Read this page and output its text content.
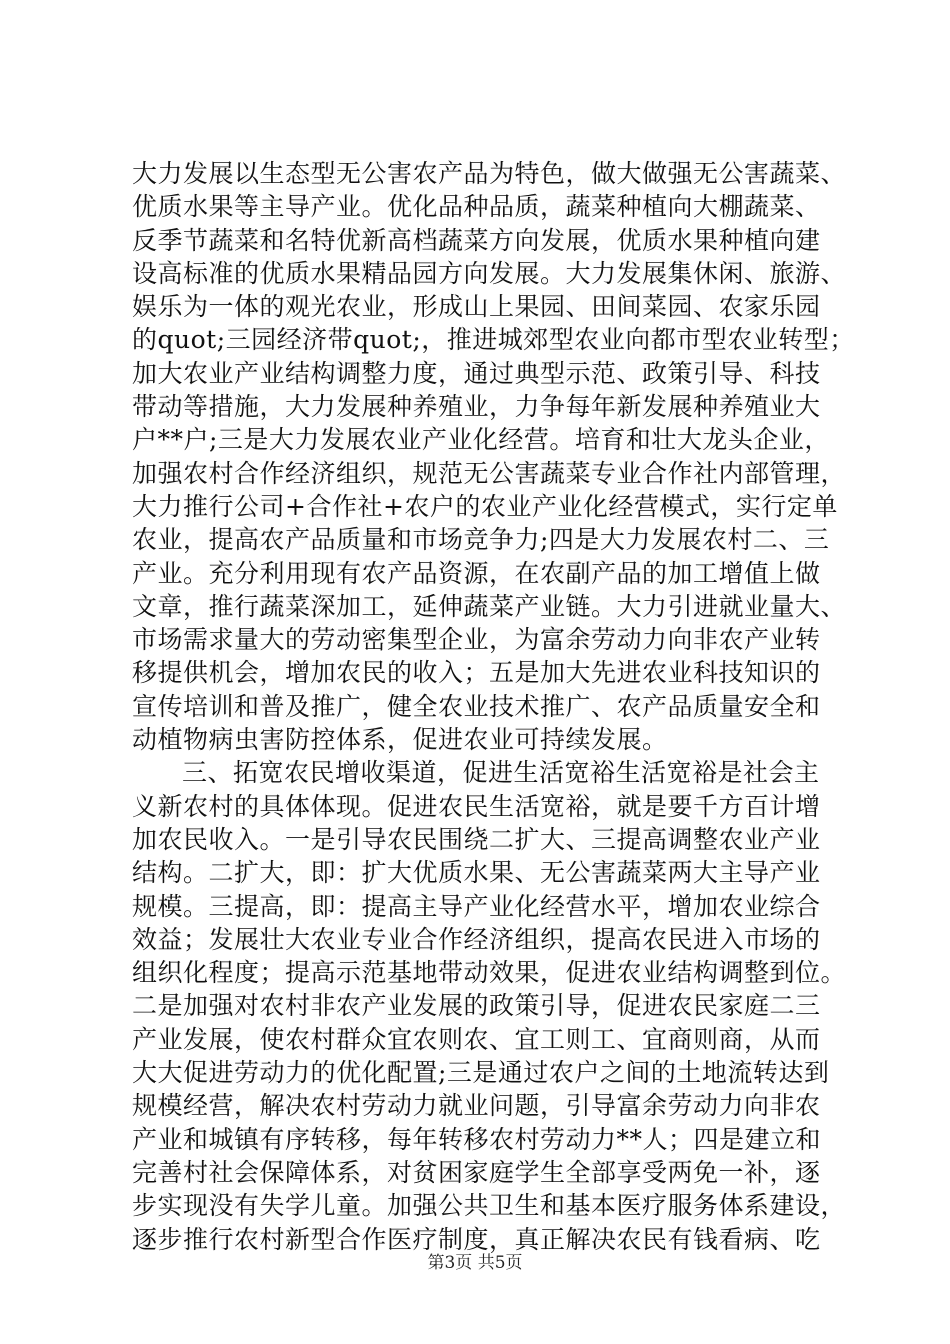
大力发展以生态型无公害农产品为特色，做大做强无公害蔬菜、
优质水果等主导产业。优化品种品质，蔬菜种植向大棚蔬菜、
反季节蔬菜和名特优新高档蔬菜方向发展，优质水果种植向建
设高标准的优质水果精品园方向发展。大力发展集休闲、旅游、
娱乐为一体的观光农业，形成山上果园、田间菜园、农家乐园
的quot;三园经济带quot;，推进城郊型农业向都市型农业转型；
加大农业产业结构调整力度，通过典型示范、政策引导、科技
带动等措施，大力发展种养殖业，力争每年新发展种养殖业大
户**户;三是大力发展农业产业化经营。培育和壮大龙头企业，
加强农村合作经济组织，规范无公害蔬菜专业合作社内部管理，
大力推行公司+合作社+农户的农业产业化经营模式，实行定单
农业，提高农产品质量和市场竞争力;四是大力发展农村二、三
产业。充分利用现有农产品资源，在农副产品的加工增值上做
文章，推行蔬菜深加工，延伸蔬菜产业链。大力引进就业量大、
市场需求量大的劳动密集型企业，为富余劳动力向非农产业转
移提供机会，增加农民的收入；五是加大先进农业科技知识的
宣传培训和普及推广，健全农业技术推广、农产品质量安全和
动植物病虫害防控体系，促进农业可持续发展。
三、拓宽农民增收渠道，促进生活宽裕生活宽裕是社会主
义新农村的具体体现。促进农民生活宽裕，就是要千方百计增
加农民收入。一是引导农民围绕二扩大、三提高调整农业产业
结构。二扩大，即：扩大优质水果、无公害蔬菜两大主导产业
规模。三提高，即：提高主导产业化经营水平，增加农业综合
效益；发展壮大农业专业合作经济组织，提高农民进入市场的
组织化程度；提高示范基地带动效果，促进农业结构调整到位。
二是加强对农村非农产业发展的政策引导，促进农民家庭二三
产业发展，使农村群众宜农则农、宜工则工、宜商则商，从而
大大促进劳动力的优化配置;三是通过农户之间的土地流转达到
规模经营，解决农村劳动力就业问题，引导富余劳动力向非农
产业和城镇有序转移，每年转移农村劳动力**人；四是建立和
完善村社会保障体系，对贫困家庭学生全部享受两免一补，逐
步实现没有失学儿童。加强公共卫生和基本医疗服务体系建设，
逐步推行农村新型合作医疗制度，真正解决农民有钱看病、吃
第3页 共5页
